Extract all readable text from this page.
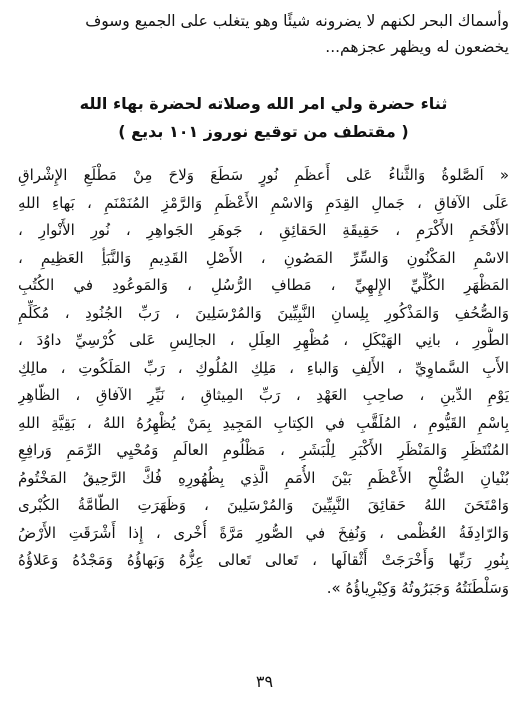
وأسماك البحر لكنهم لا يضرونه شيئًا وهو يتغلب على الجميع وسوف

يخضعون له ويظهر عجزهم...

ثناء حضرة ولي امر الله وصلاته لحضرة بهاء الله

( مقتطف من توقيع نوروز ١٠١ بديع )

« اَلصَّلوةُ وَالثَّناءُ عَلى أَعظَمِ نُورٍ سَطَعَ وَلاحَ مِنْ مَطْلَعِ الإِشْراقِ

عَلَى الآفاقِ ، جَمالِ القِدَمِ وَالاسْمِ الأَعْظَمِ وَالرَّمْزِ المُنَمْنَمِ ، بَهاءِ اللهِ

الأَفْخَمِ الأَكْرَمِ ، حَقِيقَةِ الحَقائِقِ ، جَوهَرِ الجَواهِرِ ، نُورِ الأَنْوارِ ،

الاسْمِ المَكْنُونِ وَالسِّرِّ المَصُونِ ، الأَصْلِ القَدِيمِ وَالنَّبَأِ العَظِيمِ ،

المَظْهَرِ الكُلِّيِّ الإِلهِيِّ ، مَطافِ الرُّسُلِ ، وَالمَوعُودِ في الكُتُبِ

وَالصُّحُفِ وَالمَذْكُورِ بِلِسانِ النَّبِيِّينَ وَالمُرْسَلِينَ ، رَبِّ الجُنُودِ ، مُكَلِّمِ

الطُّورِ ، بانِي الهَيْكَلِ ، مُظْهِرِ العِلَلِ ، الجالِسِ عَلى كُرْسِيِّ داوُدَ ،

الأَبِ السَّماوِيِّ ، الأَلِفِ وَالباءِ ، مَلِكِ المُلُوكِ ، رَبِّ المَلَكُوتِ ، مالِكِ

يَوْمِ الدِّينِ ، صاحِبِ العَهْدِ ، رَبِّ المِيثاقِ ، نَيِّرِ الآفاقِ ، الظّاهِرِ

بِاسْمِ القَيُّومِ ، المُلَقَّبِ في الكِتابِ المَجِيدِ بِمَنْ يُظْهِرُهُ اللهُ ، بَقِيَّةِ اللهِ

المُنْتَظَرِ وَالمَنْظَرِ الأَكْبَرِ لِلْبَشَرِ ، مَظْلُومِ العالَمِ وَمُحْيِي الرِّمَمِ وَرافِعِ

بُنْيانِ الصُّلْحِ الأَعْظَمِ بَيْنَ الأُمَمِ الَّذِي بِظُهُورِهِ فُكَّ الرَّحِيقُ المَخْتُومُ

وَامْتَحَنَ اللهُ حَقائِقَ النَّبِيِّينَ وَالمُرْسَلِينَ ، وَظَهَرَتِ الطّامَّةُ الكُبْرى

وَالرّادِفَةُ العُظْمى ، وَنُفِخَ في الصُّورِ مَرَّةً أُخْرى ، إِذا أَشْرَقَتِ الأَرْضُ

بِنُورِ رَبِّها وَأَخْرَجَتْ أَثْقالَها ، تَعالى تَعالى عِزُّهُ وَبَهاؤُهُ وَمَجْدُهُ وَعَلاؤُهُ

وَسَلْطَنَتُهُ وَجَبَرُوتُهُ وَكِبْرِياؤُهُ ».

٣٩
